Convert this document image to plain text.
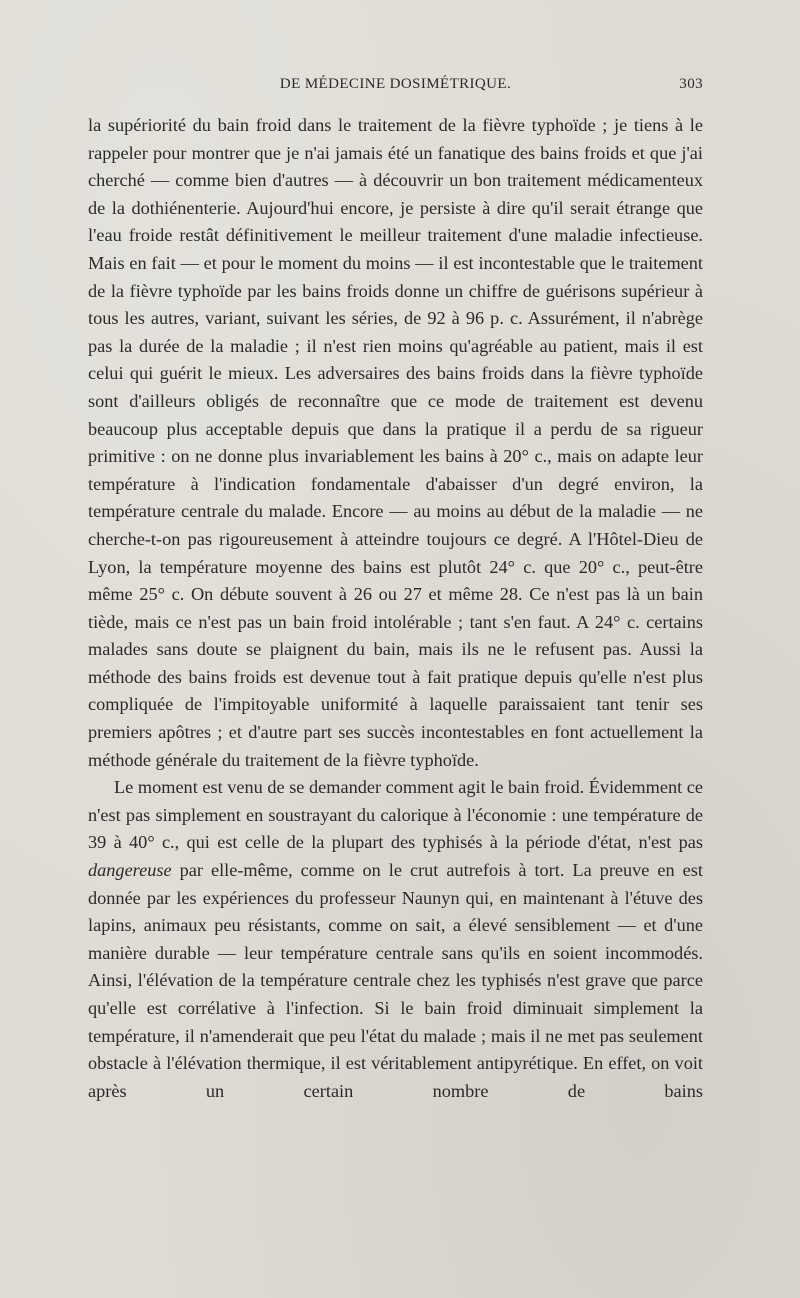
DE MÉDECINE DOSIMÉTRIQUE.	303

la supériorité du bain froid dans le traitement de la fièvre typhoïde ; je tiens à le rappeler pour montrer que je n'ai jamais été un fanatique des bains froids et que j'ai cherché — comme bien d'autres — à découvrir un bon traitement médicamenteux de la dothiénenterie. Aujourd'hui encore, je persiste à dire qu'il serait étrange que l'eau froide restât définitivement le meilleur traitement d'une maladie infectieuse. Mais en fait — et pour le moment du moins — il est incontestable que le traitement de la fièvre typhoïde par les bains froids donne un chiffre de guérisons supérieur à tous les autres, variant, suivant les séries, de 92 à 96 p. c. Assurément, il n'abrège pas la durée de la maladie ; il n'est rien moins qu'agréable au patient, mais il est celui qui guérit le mieux. Les adversaires des bains froids dans la fièvre typhoïde sont d'ailleurs obligés de reconnaître que ce mode de traitement est devenu beaucoup plus acceptable depuis que dans la pratique il a perdu de sa rigueur primitive : on ne donne plus invariablement les bains à 20° c., mais on adapte leur température à l'indication fondamentale d'abaisser d'un degré environ, la température centrale du malade. Encore — au moins au début de la maladie — ne cherche-t-on pas rigoureusement à atteindre toujours ce degré. A l'Hôtel-Dieu de Lyon, la température moyenne des bains est plutôt 24° c. que 20° c., peut-être même 25° c. On débute souvent à 26 ou 27 et même 28. Ce n'est pas là un bain tiède, mais ce n'est pas un bain froid intolérable ; tant s'en faut. A 24° c. certains malades sans doute se plaignent du bain, mais ils ne le refusent pas. Aussi la méthode des bains froids est devenue tout à fait pratique depuis qu'elle n'est plus compliquée de l'impitoyable uniformité à laquelle paraissaient tant tenir ses premiers apôtres ; et d'autre part ses succès incontestables en font actuellement la méthode générale du traitement de la fièvre typhoïde.

Le moment est venu de se demander comment agit le bain froid. Évidemment ce n'est pas simplement en soustrayant du calorique à l'économie : une température de 39 à 40° c., qui est celle de la plupart des typhisés à la période d'état, n'est pas dangereuse par elle-même, comme on le crut autrefois à tort. La preuve en est donnée par les expériences du professeur Naunyn qui, en maintenant à l'étuve des lapins, animaux peu résistants, comme on sait, a élevé sensiblement — et d'une manière durable — leur température centrale sans qu'ils en soient incommodés. Ainsi, l'élévation de la température centrale chez les typhisés n'est grave que parce qu'elle est corrélative à l'infection. Si le bain froid diminuait simplement la température, il n'amenderait que peu l'état du malade ; mais il ne met pas seulement obstacle à l'élévation thermique, il est véritablement antipyrétique. En effet, on voit après un certain nombre de bains
